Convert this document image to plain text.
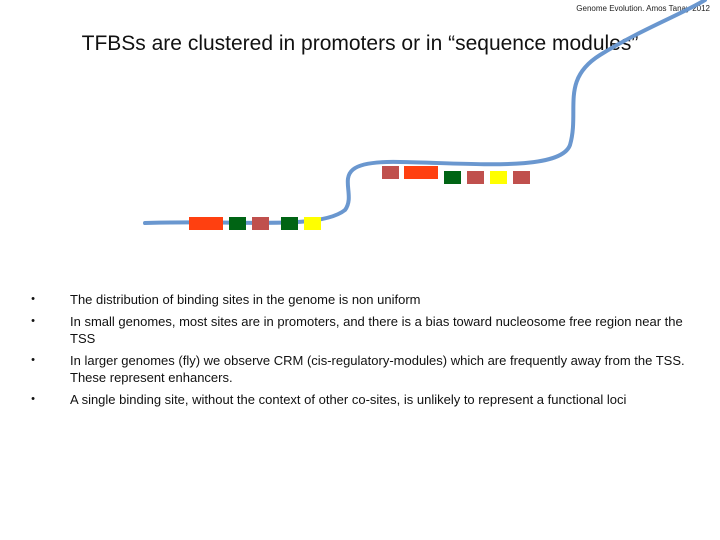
Genome Evolution. Amos Tanay 2012
TFBSs are clustered in promoters or in “sequence modules”
•	The distribution of binding sites in the genome is non uniform
•	In small genomes, most sites are in promoters, and there is a bias toward nucleosome free region near the TSS
•	In larger genomes (fly) we observe CRM (cis-regulatory-modules) which are frequently away from the TSS. These represent enhancers.
•	A single binding site, without the context of other co-sites, is unlikely to represent a functional loci
